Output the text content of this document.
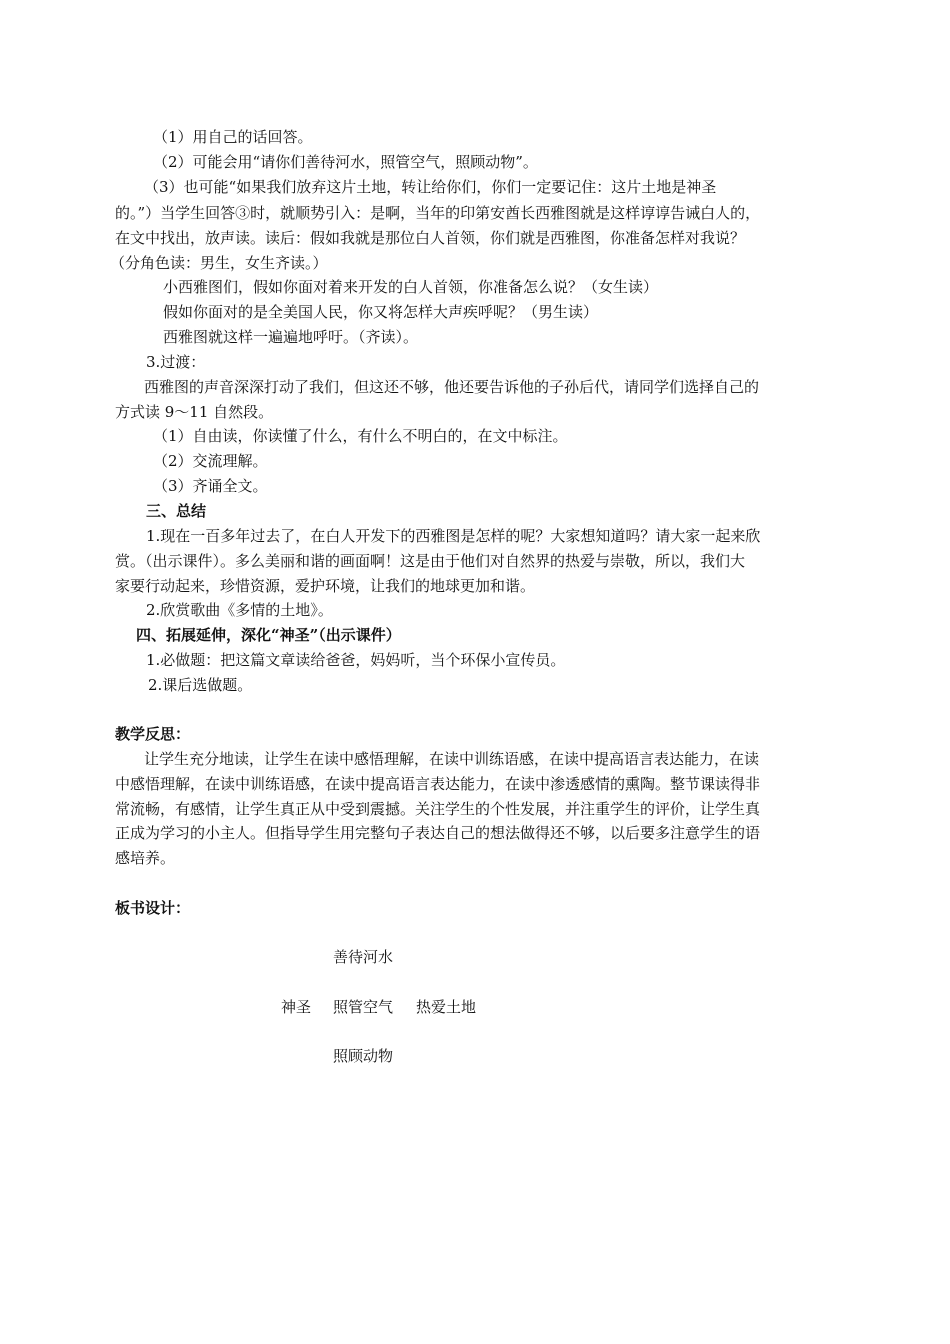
（1）用自己的话回答。
（2）可能会用“请你们善待河水，照管空气，照顾动物”。
（3）也可能“如果我们放弃这片土地，转让给你们，你们一定要记住：这片土地是神圣
的。”）当学生回答③时，就顺势引入：是啊，当年的印第安酋长西雅图就是这样谆谆告诫白人的，
在文中找出，放声读。读后：假如我就是那位白人首领，你们就是西雅图，你准备怎样对我说？
（分角色读：男生，女生齐读。）
小西雅图们，假如你面对着来开发的白人首领，你准备怎么说？（女生读）
假如你面对的是全美国人民，你又将怎样大声疾呼呢？（男生读）
西雅图就这样一遍遍地呼吁。（齐读）。
3.过渡：
西雅图的声音深深打动了我们，但这还不够，他还要告诉他的子孙后代，请同学们选择自己的
方式读 9～11 自然段。
（1）自由读，你读懂了什么，有什么不明白的，在文中标注。
（2）交流理解。
（3）齐诵全文。
三、总结
1.现在一百多年过去了，在白人开发下的西雅图是怎样的呢？大家想知道吗？请大家一起来欣
赏。（出示课件）。多么美丽和谐的画面啊！这是由于他们对自然界的热爱与崇敬，所以，我们大
家要行动起来，珍惜资源，爱护环境，让我们的地球更加和谐。
2.欣赏歌曲《多情的土地》。
四、拓展延伸，深化“神圣”（出示课件）
1.必做题：把这篇文章读给爸爸，妈妈听，当个环保小宣传员。
2.课后选做题。
教学反思：
让学生充分地读，让学生在读中感悟理解，在读中训练语感，在读中提高语言表达能力，在读
中感悟理解，在读中训练语感，在读中提高语言表达能力，在读中渗透感情的熏陶。整节课读得非
常流畅，有感情，让学生真正从中受到震撼。关注学生的个性发展，并注重学生的评价，让学生真
正成为学习的小主人。但指导学生用完整句子表达自己的想法做得还不够，以后要多注意学生的语
感培养。
板书设计：
善待河水
神圣 照管空气 热爱土地
照顾动物
